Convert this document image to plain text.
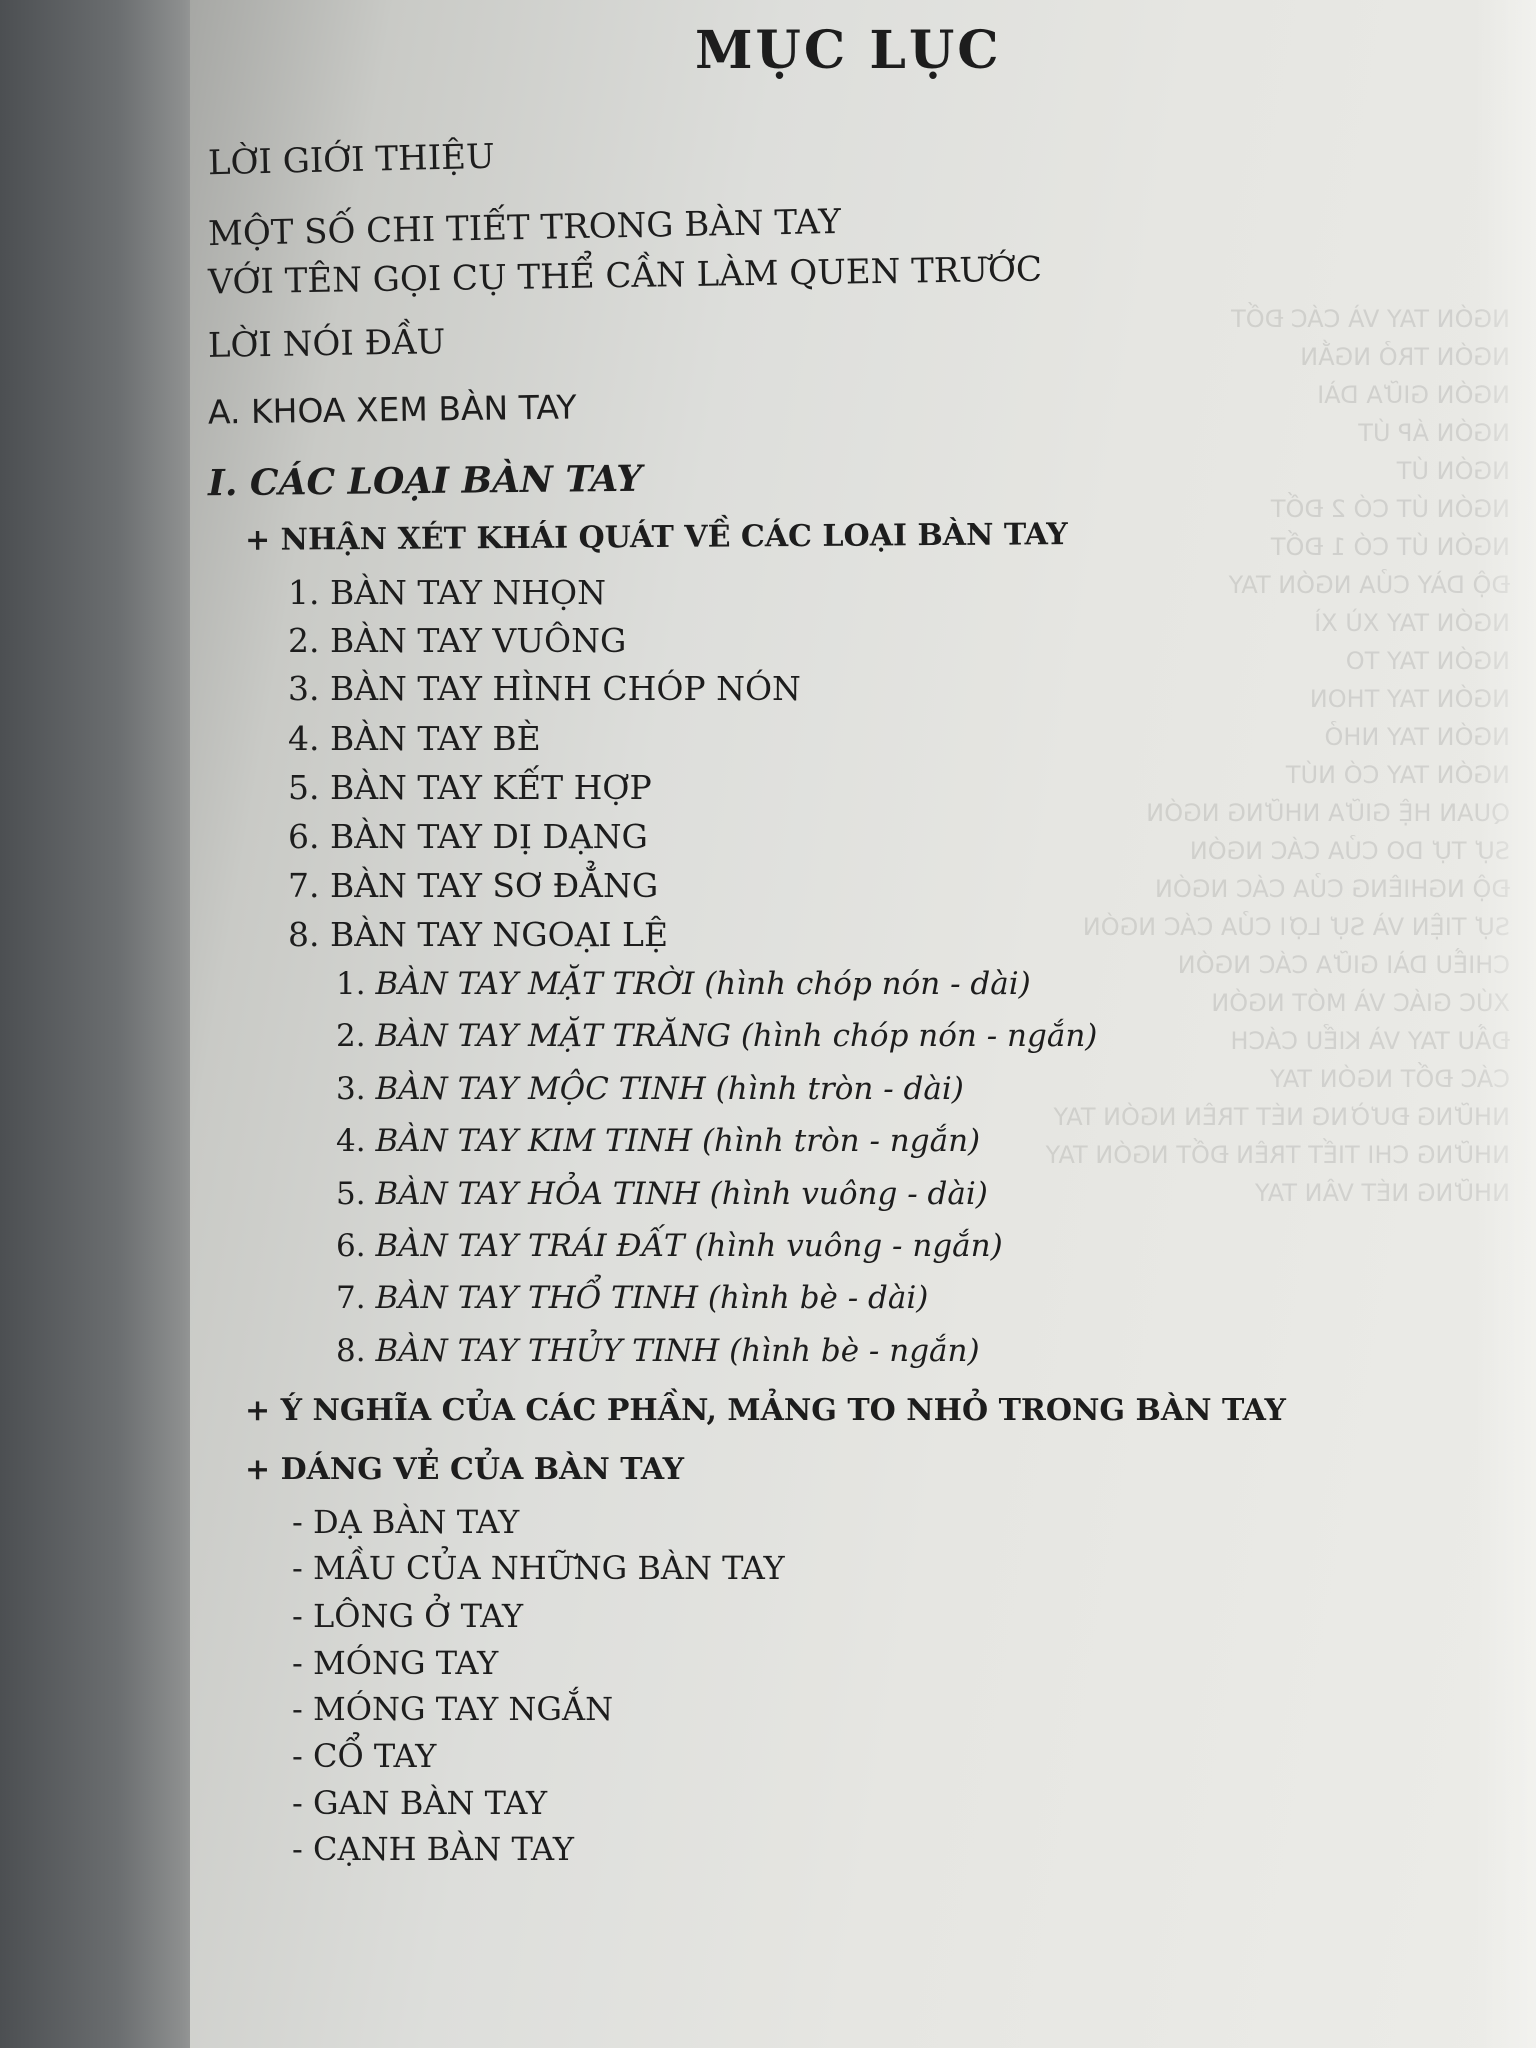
NGÓN TAY VÀ CÁC ĐỐT
NGÓN TRỎ NGẮN
NGÓN GIỮA DÀI
NGÓN ÁP ÚT
NGÓN ÚT
NGÓN ÚT CÓ 2 ĐỐT
NGÓN ÚT CÓ 1 ĐỐT
ĐỘ DÀY CỦA NGÓN TAY
NGÓN TAY XÙ XÌ
NGÓN TAY TO
NGÓN TAY THON
NGÓN TAY NHỎ
NGÓN TAY CÓ NÚT
QUAN HỆ GIỮA NHỮNG NGÓN
SỰ TỰ DO CỦA CÁC NGÓN
ĐỘ NGHIÊNG CỦA CÁC NGÓN
SỰ TIỆN VÀ SỰ LỢI CỦA CÁC NGÓN
CHIỀU DÀI GIỮA CÁC NGÓN
XÚC GIÁC VÀ MÓT NGÓN
ĐẦU TAY VÀ KIỂU CÁCH
CÁC ĐỐT NGÓN TAY
NHỮNG ĐƯỜNG NÉT TRÊN NGÓN TAY
NHỮNG CHI TIẾT TRÊN ĐỐT NGÓN TAY
NHỮNG NÉT VÂN TAY
MỤC LỤC
LỜI GIỚI THIỆU
MỘT SỐ CHI TIẾT TRONG BÀN TAY
VỚI TÊN GỌI CỤ THỂ CẦN LÀM QUEN TRƯỚC
LỜI NÓI ĐẦU
A. KHOA XEM BÀN TAY
I. CÁC LOẠI BÀN TAY
+ NHẬN XÉT KHÁI QUÁT VỀ CÁC LOẠI BÀN TAY
1. BÀN TAY NHỌN
2. BÀN TAY VUÔNG
3. BÀN TAY HÌNH CHÓP NÓN
4. BÀN TAY BÈ
5. BÀN TAY KẾT HỢP
6. BÀN TAY DỊ DẠNG
7. BÀN TAY SƠ ĐẲNG
8. BÀN TAY NGOẠI LỆ
1. BÀN TAY MẶT TRỜI (hình chóp nón - dài)
2. BÀN TAY MẶT TRĂNG (hình chóp nón - ngắn)
3. BÀN TAY MỘC TINH (hình tròn - dài)
4. BÀN TAY KIM TINH (hình tròn - ngắn)
5. BÀN TAY HỎA TINH (hình vuông - dài)
6. BÀN TAY TRÁI ĐẤT (hình vuông - ngắn)
7. BÀN TAY THỔ TINH (hình bè - dài)
8. BÀN TAY THỦY TINH (hình bè - ngắn)
+ Ý NGHĨA CỦA CÁC PHẦN, MẢNG TO NHỎ TRONG BÀN TAY
+ DÁNG VẺ CỦA BÀN TAY
- DẠ BÀN TAY
- MẦU CỦA NHỮNG BÀN TAY
- LÔNG Ở TAY
- MÓNG TAY
- MÓNG TAY NGẮN
- CỔ TAY
- GAN BÀN TAY
- CẠNH BÀN TAY
